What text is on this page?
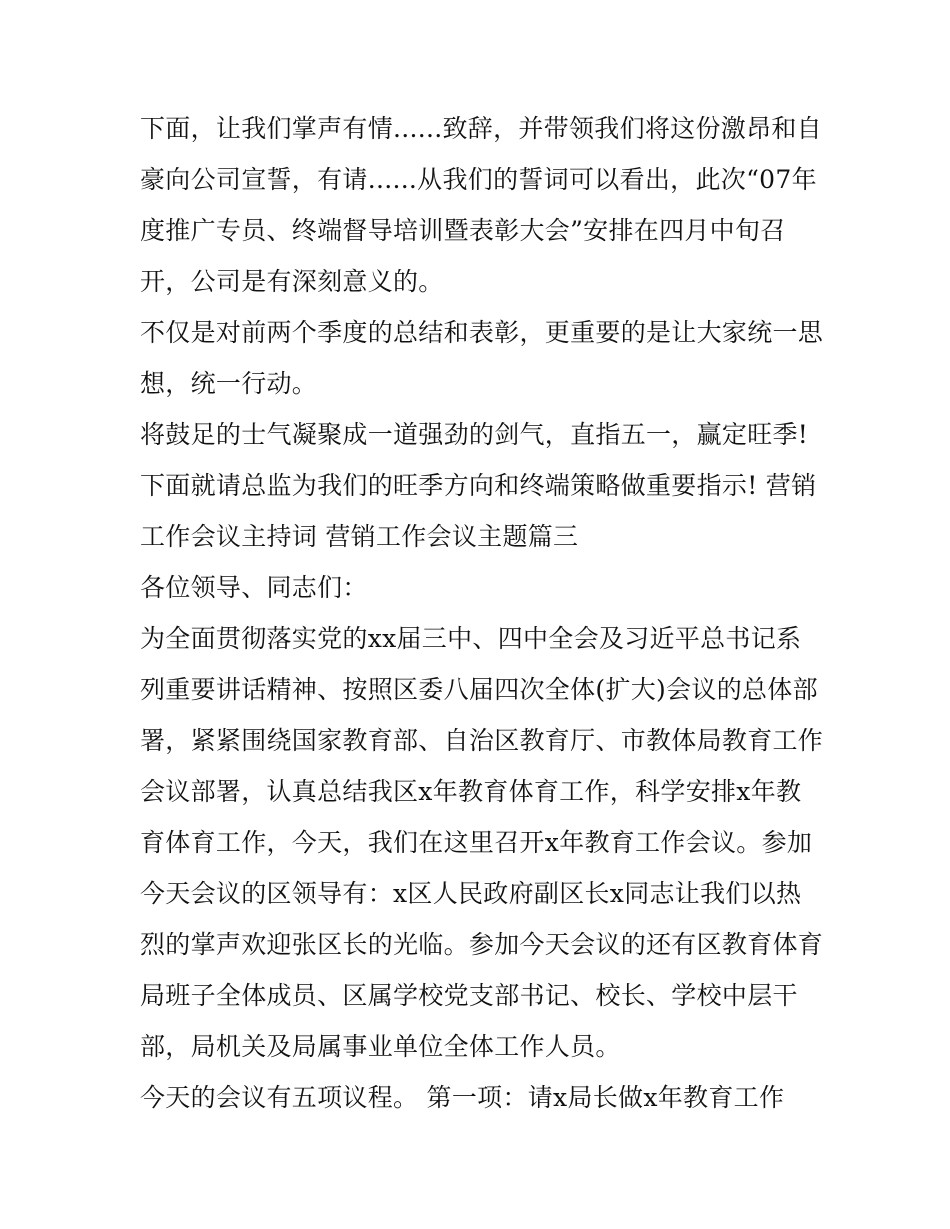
下面，让我们掌声有情......致辞，并带领我们将这份激昂和自
豪向公司宣誓，有请......从我们的誓词可以看出，此次“07年
度推广专员、终端督导培训暨表彰大会”安排在四月中旬召
开，公司是有深刻意义的。
不仅是对前两个季度的总结和表彰，更重要的是让大家统一思
想，统一行动。
将鼓足的士气凝聚成一道强劲的剑气，直指五一，赢定旺季!
下面就请总监为我们的旺季方向和终端策略做重要指示! 营销
工作会议主持词 营销工作会议主题篇三
各位领导、同志们：
为全面贯彻落实党的xx届三中、四中全会及习近平总书记系
列重要讲话精神、按照区委八届四次全体(扩大)会议的总体部
署，紧紧围绕国家教育部、自治区教育厅、市教体局教育工作
会议部署，认真总结我区x年教育体育工作，科学安排x年教
育体育工作，今天，我们在这里召开x年教育工作会议。参加
今天会议的区领导有：x区人民政府副区长x同志让我们以热
烈的掌声欢迎张区长的光临。参加今天会议的还有区教育体育
局班子全体成员、区属学校党支部书记、校长、学校中层干
部，局机关及局属事业单位全体工作人员。
今天的会议有五项议程。 第一项：请x局长做x年教育工作
